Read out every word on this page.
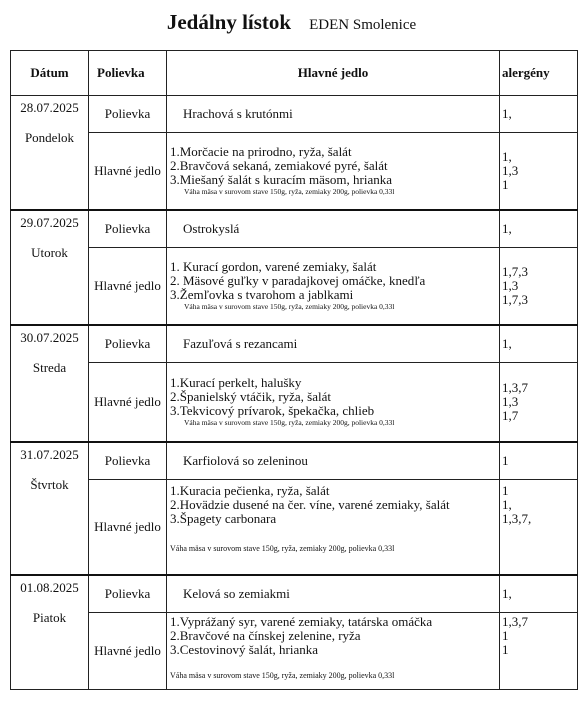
Jedálny lístok EDEN Smolenice
Dátum	Polievka	Hlavné jedlo	alergény

28.07.2025
Pondelok	Polievka	Hrachová s krutónmi	1,
	Hlavné jedlo	1.Morčacie na prirodno, ryža, šalát
2.Bravčová sekaná, zemiakové pyré, šalát
3.Miešaný šalát s kuracím mäsom, hrianka
Váha mäsa v surovom stave 150g, ryža, zemiaky 200g, polievka 0,33l	1,
1,3
1

29.07.2025
Utorok	Polievka	Ostrokyslá	1,
	Hlavné jedlo	1. Kurací gordon, varené zemiaky, šalát
2. Mäsové guľky v paradajkovej omáčke, knedľa
3.Žemľovka s tvarohom a jablkami
Váha mäsa v surovom stave 150g, ryža, zemiaky 200g, polievka 0,33l	1,7,3
1,3
1,7,3

30.07.2025
Streda	Polievka	Fazuľová s rezancami	1,
	Hlavné jedlo	1.Kurací perkelt, halušky
2.Španielský vtáčik, ryža, šalát
3.Tekvicový prívarok, špekačka, chlieb
Váha mäsa v surovom stave 150g, ryža, zemiaky 200g, polievka 0,33l	1,3,7
1,3
1,7

31.07.2025
Štvrtok	Polievka	Karfiolová so zeleninou	1
	Hlavné jedlo	1.Kuracia pečienka, ryža, šalát
2.Hovädzie dusené na čer. víne, varené zemiaky, šalát
3.Špagety carbonara
Váha mäsa v surovom stave 150g, ryža, zemiaky 200g, polievka 0,33l	1
1,
1,3,7,

01.08.2025
Piatok	Polievka	Kelová so zemiakmi	1,
	Hlavné jedlo	1.Vyprážaný syr, varené zemiaky, tatárska omáčka
2.Bravčové na čínskej zelenine, ryža
3.Cestovinový šalát, hrianka
Váha mäsa v surovom stave 150g, ryža, zemiaky 200g, polievka 0,33l	1,3,7
1
1
